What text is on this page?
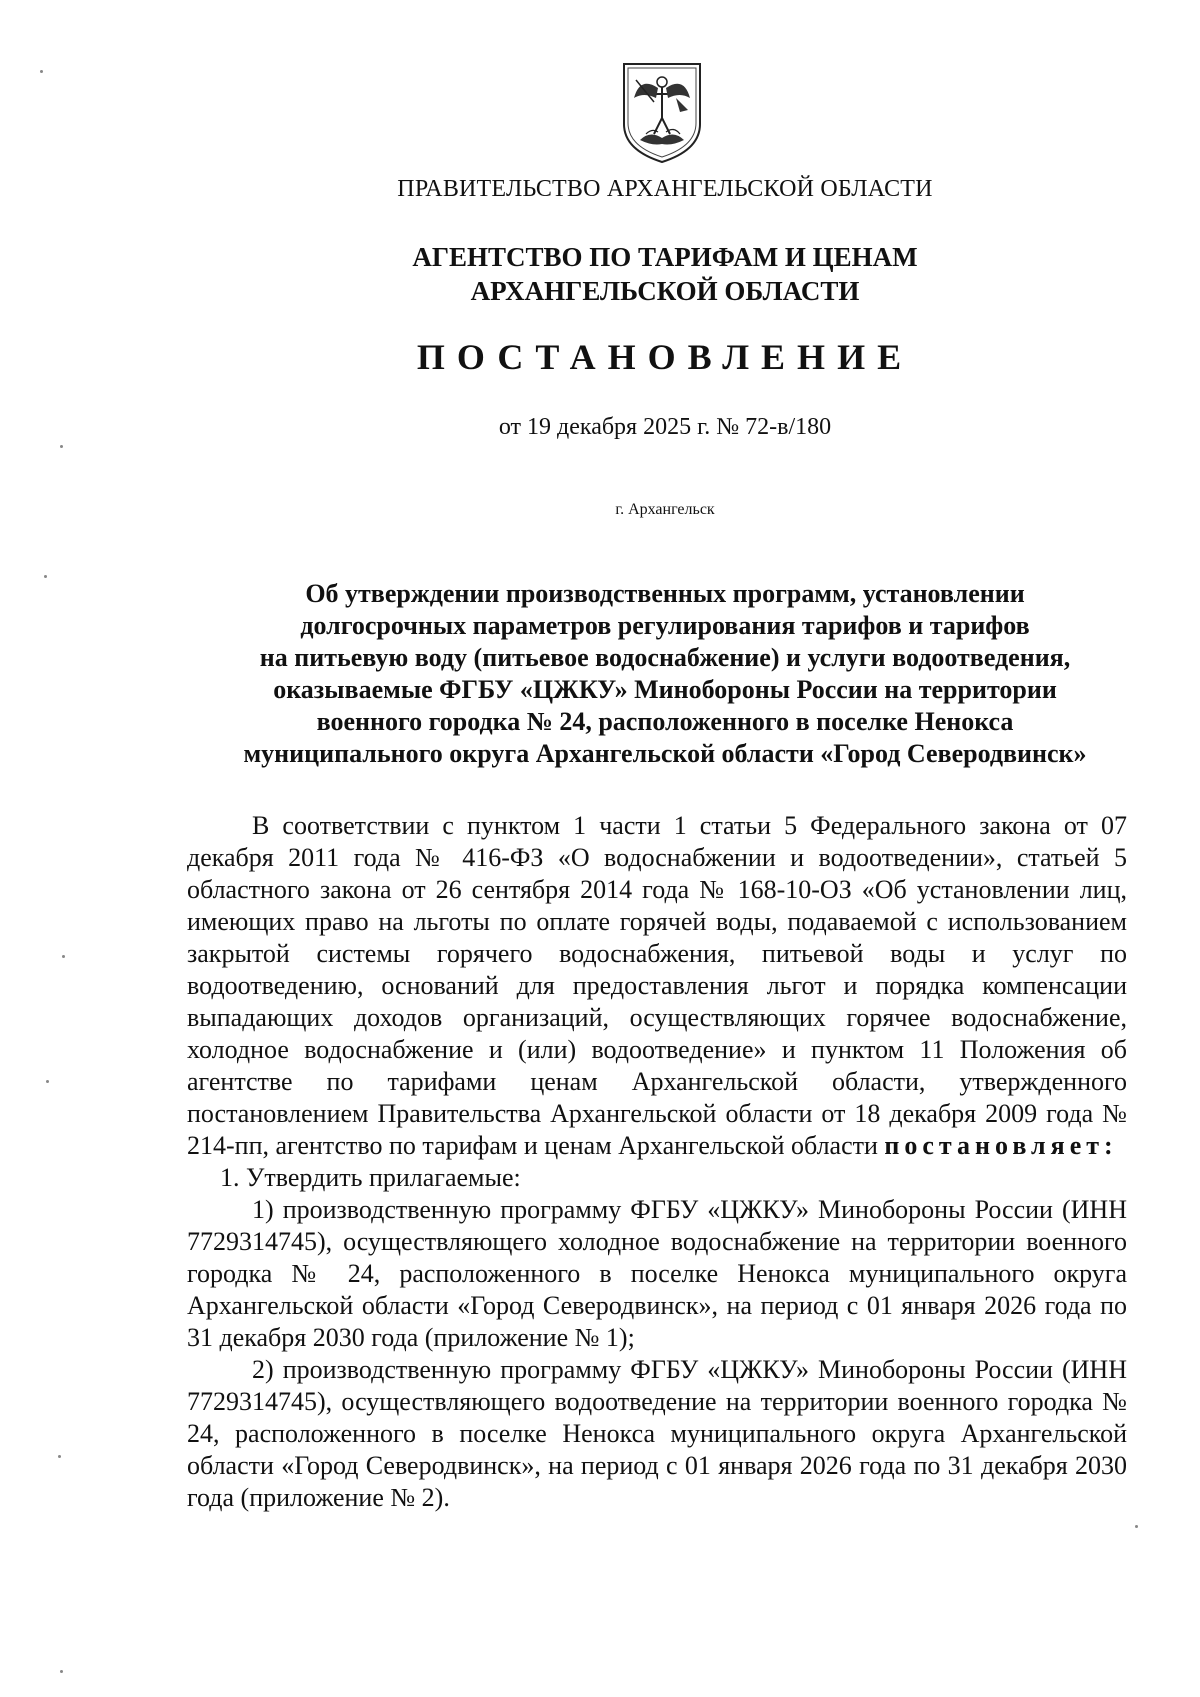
ПРАВИТЕЛЬСТВО АРХАНГЕЛЬСКОЙ ОБЛАСТИ
АГЕНТСТВО ПО ТАРИФАМ И ЦЕНАМ
АРХАНГЕЛЬСКОЙ ОБЛАСТИ
ПОСТАНОВЛЕНИЕ
от 19 декабря 2025 г. № 72-в/180
г. Архангельск
Об утверждении производственных программ, установлении
долгосрочных параметров регулирования тарифов и тарифов
на питьевую воду (питьевое водоснабжение) и услуги водоотведения,
оказываемые ФГБУ «ЦЖКУ» Минобороны России на территории
военного городка № 24, расположенного в поселке Ненокса
муниципального округа Архангельской области «Город Северодвинск»

В соответствии с пунктом 1 части 1 статьи 5 Федерального закона от 07 декабря 2011 года № 416-ФЗ «О водоснабжении и водоотведении», статьей 5 областного закона от 26 сентября 2014 года № 168-10-ОЗ «Об установлении лиц, имеющих право на льготы по оплате горячей воды, подаваемой с использованием закрытой системы горячего водоснабжения, питьевой воды и услуг по водоотведению, оснований для предоставления льгот и порядка компенсации выпадающих доходов организаций, осуществляющих горячее водоснабжение, холодное водоснабжение и (или) водоотведение» и пунктом 11 Положения об агентстве по тарифами ценам Архангельской области, утвержденного постановлением Правительства Архангельской области от 18 декабря 2009 года № 214-пп, агентство по тарифам и ценам Архангельской области постановляет:

1. Утвердить прилагаемые:

1) производственную программу ФГБУ «ЦЖКУ» Минобороны России (ИНН 7729314745), осуществляющего холодное водоснабжение на территории военного городка № 24, расположенного в поселке Ненокса муниципального округа Архангельской области «Город Северодвинск», на период с 01 января 2026 года по 31 декабря 2030 года (приложение № 1);

2) производственную программу ФГБУ «ЦЖКУ» Минобороны России (ИНН 7729314745), осуществляющего водоотведение на территории военного городка № 24, расположенного в поселке Ненокса муниципального округа Архангельской области «Город Северодвинск», на период с 01 января 2026 года по 31 декабря 2030 года (приложение № 2).
